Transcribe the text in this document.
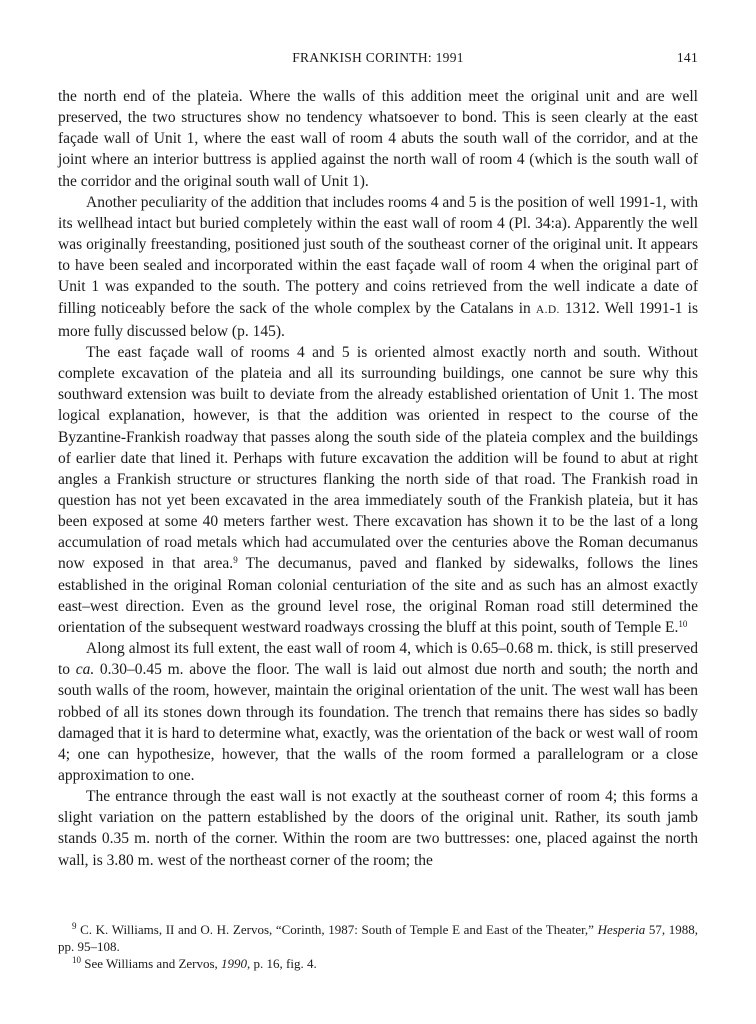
FRANKISH CORINTH: 1991	141

the north end of the plateia. Where the walls of this addition meet the original unit and are well preserved, the two structures show no tendency whatsoever to bond. This is seen clearly at the east façade wall of Unit 1, where the east wall of room 4 abuts the south wall of the corridor, and at the joint where an interior buttress is applied against the north wall of room 4 (which is the south wall of the corridor and the original south wall of Unit 1).

Another peculiarity of the addition that includes rooms 4 and 5 is the position of well 1991-1, with its wellhead intact but buried completely within the east wall of room 4 (Pl. 34:a). Apparently the well was originally freestanding, positioned just south of the southeast corner of the original unit. It appears to have been sealed and incorporated within the east façade wall of room 4 when the original part of Unit 1 was expanded to the south. The pottery and coins retrieved from the well indicate a date of filling noticeably before the sack of the whole complex by the Catalans in A.D. 1312. Well 1991-1 is more fully discussed below (p. 145).

The east façade wall of rooms 4 and 5 is oriented almost exactly north and south. Without complete excavation of the plateia and all its surrounding buildings, one cannot be sure why this southward extension was built to deviate from the already established orientation of Unit 1. The most logical explanation, however, is that the addition was oriented in respect to the course of the Byzantine-Frankish roadway that passes along the south side of the plateia complex and the buildings of earlier date that lined it. Perhaps with future excavation the addition will be found to abut at right angles a Frankish structure or structures flanking the north side of that road. The Frankish road in question has not yet been excavated in the area immediately south of the Frankish plateia, but it has been exposed at some 40 meters farther west. There excavation has shown it to be the last of a long accumulation of road metals which had accumulated over the centuries above the Roman decumanus now exposed in that area.$^9$ The decumanus, paved and flanked by sidewalks, follows the lines established in the original Roman colonial centuriation of the site and as such has an almost exactly east–west direction. Even as the ground level rose, the original Roman road still determined the orientation of the subsequent westward roadways crossing the bluff at this point, south of Temple E.$^{10}$

Along almost its full extent, the east wall of room 4, which is 0.65–0.68 m. thick, is still preserved to ca. 0.30–0.45 m. above the floor. The wall is laid out almost due north and south; the north and south walls of the room, however, maintain the original orientation of the unit. The west wall has been robbed of all its stones down through its foundation. The trench that remains there has sides so badly damaged that it is hard to determine what, exactly, was the orientation of the back or west wall of room 4; one can hypothesize, however, that the walls of the room formed a parallelogram or a close approximation to one.

The entrance through the east wall is not exactly at the southeast corner of room 4; this forms a slight variation on the pattern established by the doors of the original unit. Rather, its south jamb stands 0.35 m. north of the corner. Within the room are two buttresses: one, placed against the north wall, is 3.80 m. west of the northeast corner of the room; the

$^9$ C. K. Williams, II and O. H. Zervos, “Corinth, 1987: South of Temple E and East of the Theater,” Hesperia 57, 1988, pp. 95–108.

$^{10}$ See Williams and Zervos, 1990, p. 16, fig. 4.
